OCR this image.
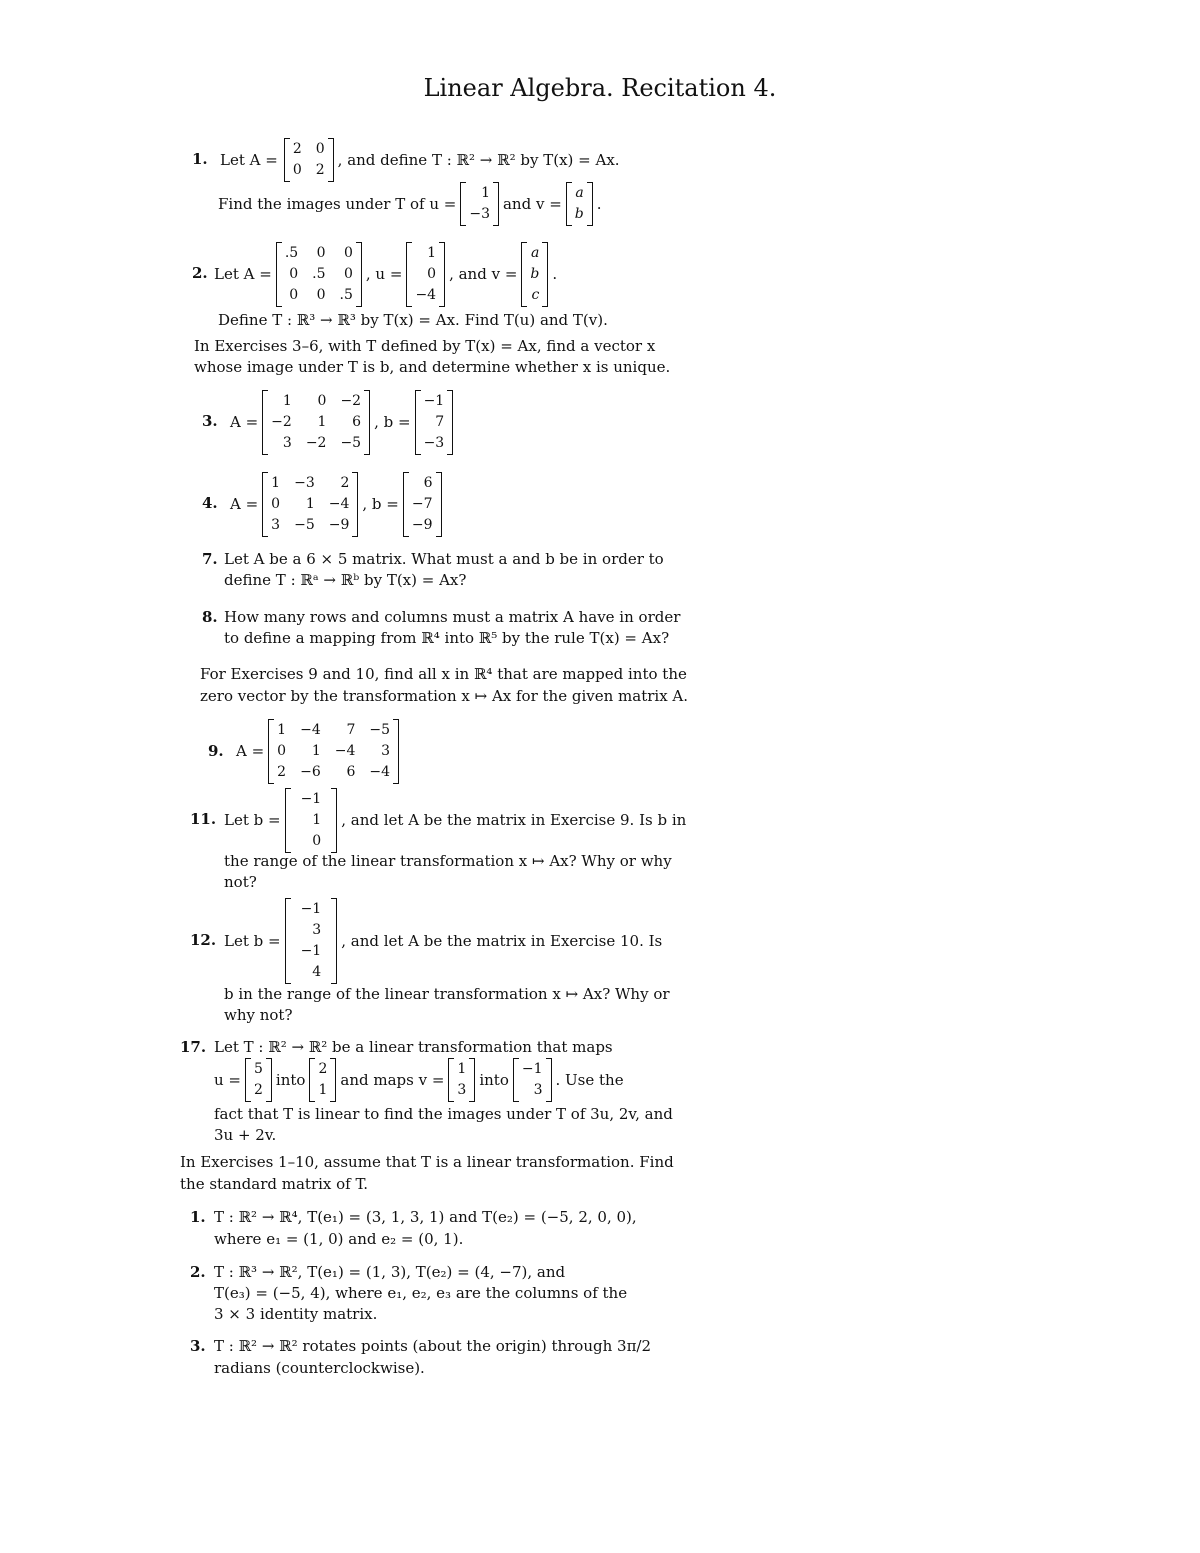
Linear Algebra. Recitation 4.
1. Let A =
2 0
0 2
, and define T : ℝ² → ℝ² by T(x) = Ax.
Find the images under T of u =
1
−3
and v =
a
b
.
2. Let A =
.5	0	0
0 .5	0
0	0 .5
, u =
1
0
−4
, and v =
a
b
c
.
Define T : ℝ³ → ℝ³ by T(x) = Ax. Find T(u) and T(v).
In Exercises 3–6, with T defined by T(x) = Ax, find a vector x
whose image under T is b, and determine whether x is unique.
3. A =
1	0 −2
−2	1	6
3 −2 −5
, b =
−1
7
−3
4. A =
1 −3	2
0	1 −4
3 −5 −9
, b =
6
−7
−9
7. Let A be a 6 × 5 matrix. What must a and b be in order to
define T : ℝᵃ → ℝᵇ by T(x) = Ax?
8. How many rows and columns must a matrix A have in order
to define a mapping from ℝ⁴ into ℝ⁵ by the rule T(x) = Ax?
For Exercises 9 and 10, find all x in ℝ⁴ that are mapped into the
zero vector by the transformation x ↦ Ax for the given matrix A.
9. A =
1 −4	7 −5
0	1 −4	3
2 −6	6 −4
11. Let b =
−1
1
0
, and let A be the matrix in Exercise 9. Is b in
the range of the linear transformation x ↦ Ax? Why or why
not?
12. Let b =
−1
3
−1
4
, and let A be the matrix in Exercise 10. Is
b in the range of the linear transformation x ↦ Ax? Why or
why not?
17. Let T : ℝ² → ℝ² be a linear transformation that maps
u =
5
2
into
2
1
and maps v =
1
3
into
−1
3
. Use the
fact that T is linear to find the images under T of 3u, 2v, and
3u + 2v.
In Exercises 1–10, assume that T is a linear transformation. Find
the standard matrix of T.
1. T : ℝ² → ℝ⁴, T(e₁) = (3, 1, 3, 1) and T(e₂) = (−5, 2, 0, 0),
where e₁ = (1, 0) and e₂ = (0, 1).
2. T : ℝ³ → ℝ², T(e₁) = (1, 3), T(e₂) = (4, −7), and
T(e₃) = (−5, 4), where e₁, e₂, e₃ are the columns of the
3 × 3 identity matrix.
3. T : ℝ² → ℝ² rotates points (about the origin) through 3π/2
radians (counterclockwise).
